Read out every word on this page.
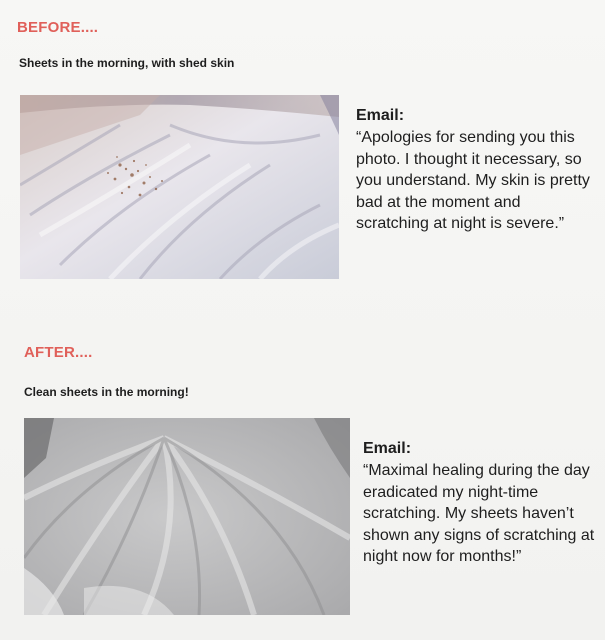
BEFORE....
Sheets in the morning, with shed skin
Email:
“Apologies for sending you this photo. I thought it necessary, so you understand. My skin is pretty bad at the moment and scratching at night is severe.”
AFTER....
Clean sheets in the morning!
Email:
“Maximal healing during the day eradicated my night-time scratching. My sheets haven’t shown any signs of scratching at night now for months!”
